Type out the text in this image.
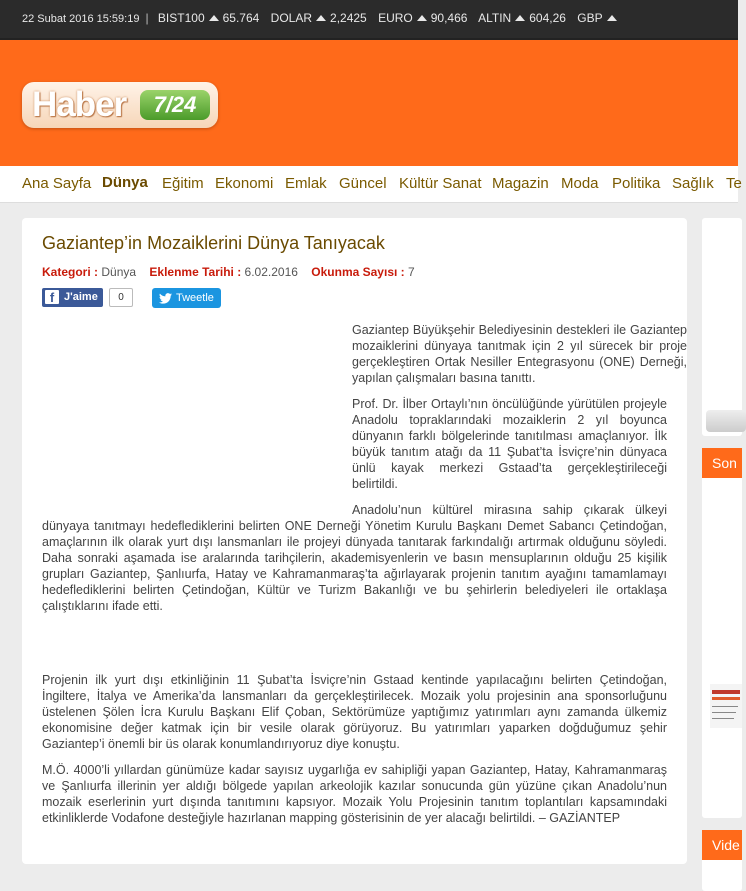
22 Subat 2016 15:59:19 | BIST100 65.764 DOLAR 2,2425 EURO 90,466 ALTIN 604,26 GBP
Haber	7/24
Ana Sayfa Dünya Eğitim Ekonomi Emlak Güncel Kültür Sanat Magazin Moda Politika Sağlık Te
Gaziantep’in Mozaiklerini Dünya Tanıyacak
Kategori : Dünya Eklenme Tarihi : 6.02.2016 Okunma Sayısı : 7
f J'aime	0	Tweetle

Gaziantep Büyükşehir Belediyesinin destekleri ile Gaziantep mozaiklerini dünyaya tanıtmak için 2 yıl sürecek bir proje gerçekleştiren Ortak Nesiller Entegrasyonu (ONE) Derneği, yapılan çalışmaları basına tanıttı.

Prof. Dr. İlber Ortaylı’nın öncülüğünde yürütülen projeyle Anadolu topraklarındaki mozaiklerin 2 yıl boyunca dünyanın farklı bölgelerinde tanıtılması amaçlanıyor. İlk büyük tanıtım atağı da 11 Şubat’ta İsviçre’nin dünyaca ünlü kayak merkezi Gstaad’ta gerçekleştirileceği belirtildi.

Anadolu’nun kültürel mirasına sahip çıkarak ülkeyi dünyaya tanıtmayı hedeflediklerini belirten ONE Derneği Yönetim Kurulu Başkanı Demet Sabancı Çetindoğan, amaçlarının ilk olarak yurt dışı lansmanları ile projeyi dünyada tanıtarak farkındalığı artırmak olduğunu söyledi. Daha sonraki aşamada ise aralarında tarihçilerin, akademisyenlerin ve basın mensuplarının olduğu 25 kişilik grupları Gaziantep, Şanlıurfa, Hatay ve Kahramanmaraş’ta ağırlayarak projenin tanıtım ayağını tamamlamayı hedeflediklerini belirten Çetindoğan, Kültür ve Turizm Bakanlığı ve bu şehirlerin belediyeleri ile ortaklaşa çalıştıklarını ifade etti.

Projenin ilk yurt dışı etkinliğinin 11 Şubat’ta İsviçre’nin Gstaad kentinde yapılacağını belirten Çetindoğan, İngiltere, İtalya ve Amerika’da lansmanları da gerçekleştirilecek. Mozaik yolu projesinin ana sponsorluğunu üstelenen Şölen İcra Kurulu Başkanı Elif Çoban, Sektörümüze yaptığımız yatırımları aynı zamanda ülkemiz ekonomisine değer katmak için bir vesile olarak görüyoruz. Bu yatırımları yaparken doğduğumuz şehir Gaziantep’i önemli bir üs olarak konumlandırıyoruz diye konuştu.

M.Ö. 4000’li yıllardan günümüze kadar sayısız uygarlığa ev sahipliği yapan Gaziantep, Hatay, Kahramanmaraş ve Şanlıurfa illerinin yer aldığı bölgede yapılan arkeolojik kazılar sonucunda gün yüzüne çıkan Anadolu’nun mozaik eserlerinin yurt dışında tanıtımını kapsıyor. Mozaik Yolu Projesinin tanıtım toplantıları kapsamındaki etkinliklerde Vodafone desteğiyle hazırlanan mapping gösterisinin de yer alacağı belirtildi. – GAZİANTEP

Son
Vide
